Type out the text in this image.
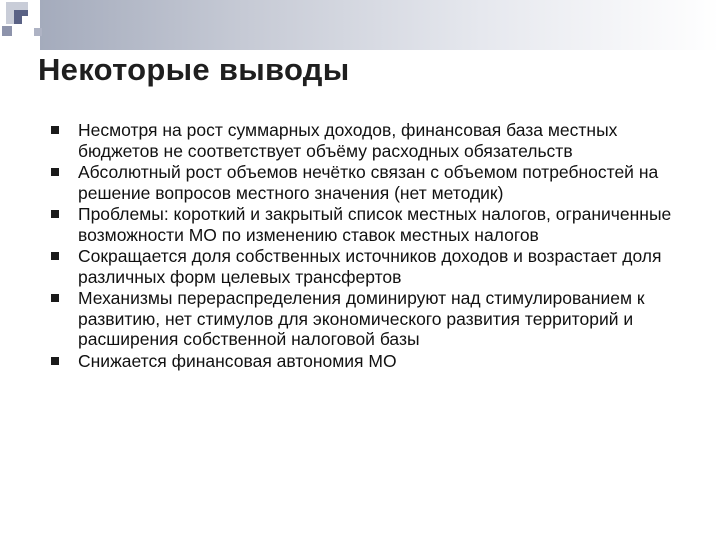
Некоторые выводы
Несмотря на рост суммарных доходов, финансовая база местных бюджетов не соответствует объёму расходных обязательств
Абсолютный рост объемов нечётко связан с объемом потребностей на решение вопросов местного значения (нет методик)
Проблемы: короткий и закрытый список местных налогов, ограниченные возможности МО по изменению ставок местных налогов
Сокращается доля собственных источников доходов и возрастает доля различных форм целевых трансфертов
Механизмы перераспределения доминируют над стимулированием к развитию, нет стимулов для экономического развития территорий и расширения собственной налоговой базы
Снижается финансовая автономия МО
